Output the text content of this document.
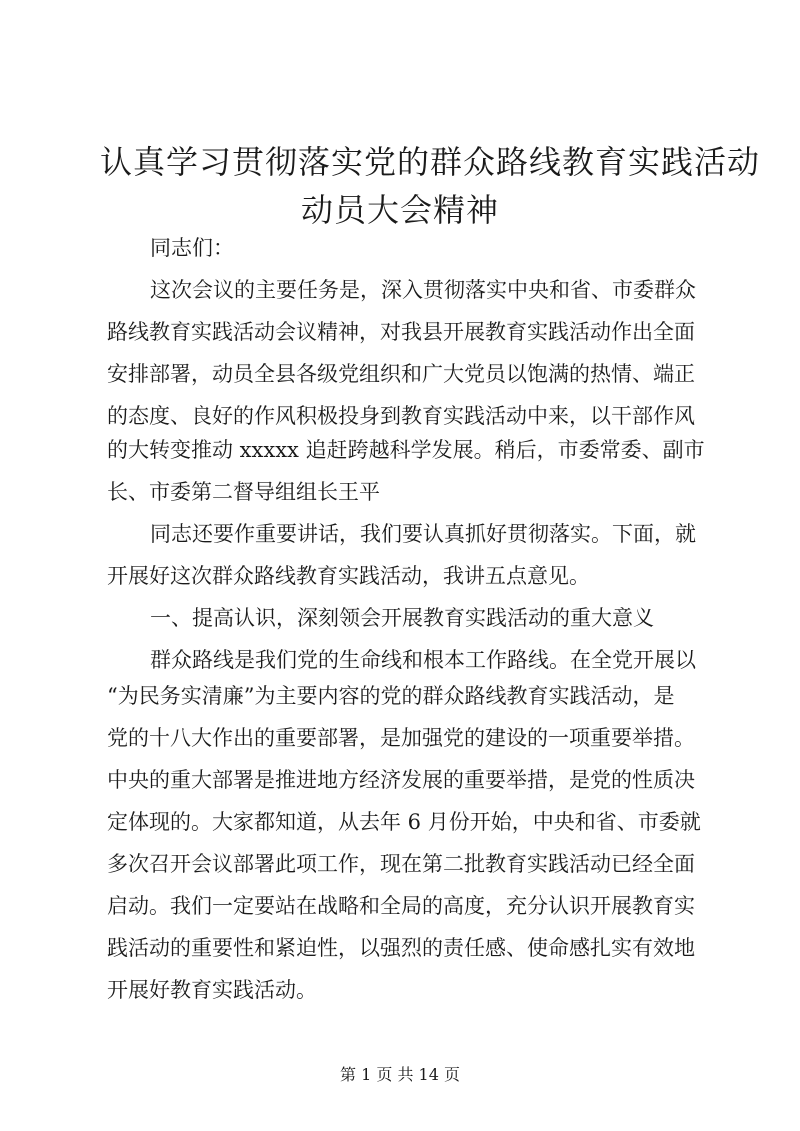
认真学习贯彻落实党的群众路线教育实践活动
动员大会精神
同志们：
这次会议的主要任务是，深入贯彻落实中央和省、市委群众
路线教育实践活动会议精神，对我县开展教育实践活动作出全面
安排部署，动员全县各级党组织和广大党员以饱满的热情、端正
的态度、良好的作风积极投身到教育实践活动中来，以干部作风
的大转变推动 xxxxx 追赶跨越科学发展。稍后，市委常委、副市
长、市委第二督导组组长王平
同志还要作重要讲话，我们要认真抓好贯彻落实。下面，就
开展好这次群众路线教育实践活动，我讲五点意见。
一、提高认识，深刻领会开展教育实践活动的重大意义
群众路线是我们党的生命线和根本工作路线。在全党开展以
“为民务实清廉”为主要内容的党的群众路线教育实践活动，是
党的十八大作出的重要部署，是加强党的建设的一项重要举措。
中央的重大部署是推进地方经济发展的重要举措，是党的性质决
定体现的。大家都知道，从去年 6 月份开始，中央和省、市委就
多次召开会议部署此项工作，现在第二批教育实践活动已经全面
启动。我们一定要站在战略和全局的高度，充分认识开展教育实
践活动的重要性和紧迫性，以强烈的责任感、使命感扎实有效地
开展好教育实践活动。
第 1 页 共 14 页
